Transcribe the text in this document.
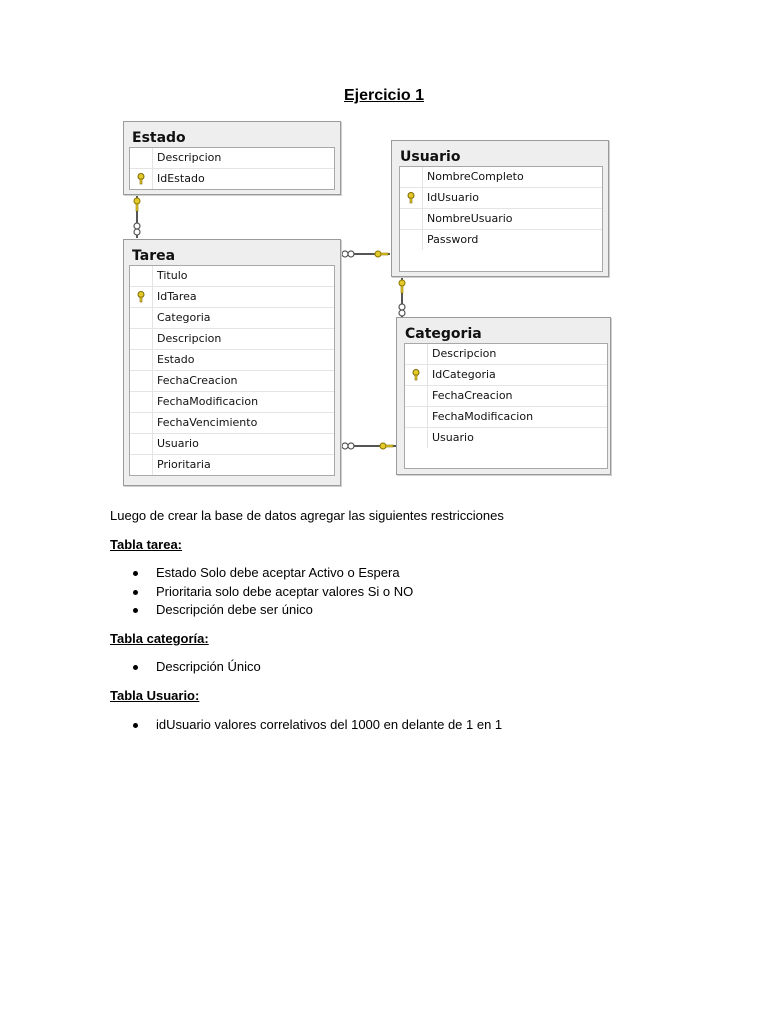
Ejercicio 1
Estado
Descripcion
IdEstado
Usuario
NombreCompleto
IdUsuario
NombreUsuario
Password
Tarea
Titulo
IdTarea
Categoria
Descripcion
Estado
FechaCreacion
FechaModificacion
FechaVencimiento
Usuario
Prioritaria
Categoria
Descripcion
IdCategoria
FechaCreacion
FechaModificacion
Usuario
Luego de crear la base de datos agregar las siguientes restricciones
Tabla tarea:
Estado Solo debe aceptar Activo o Espera
Prioritaria solo debe aceptar valores Si o NO
Descripción debe ser único
Tabla categoría:
Descripción Único
Tabla Usuario:
idUsuario valores correlativos del 1000 en delante de 1 en 1
